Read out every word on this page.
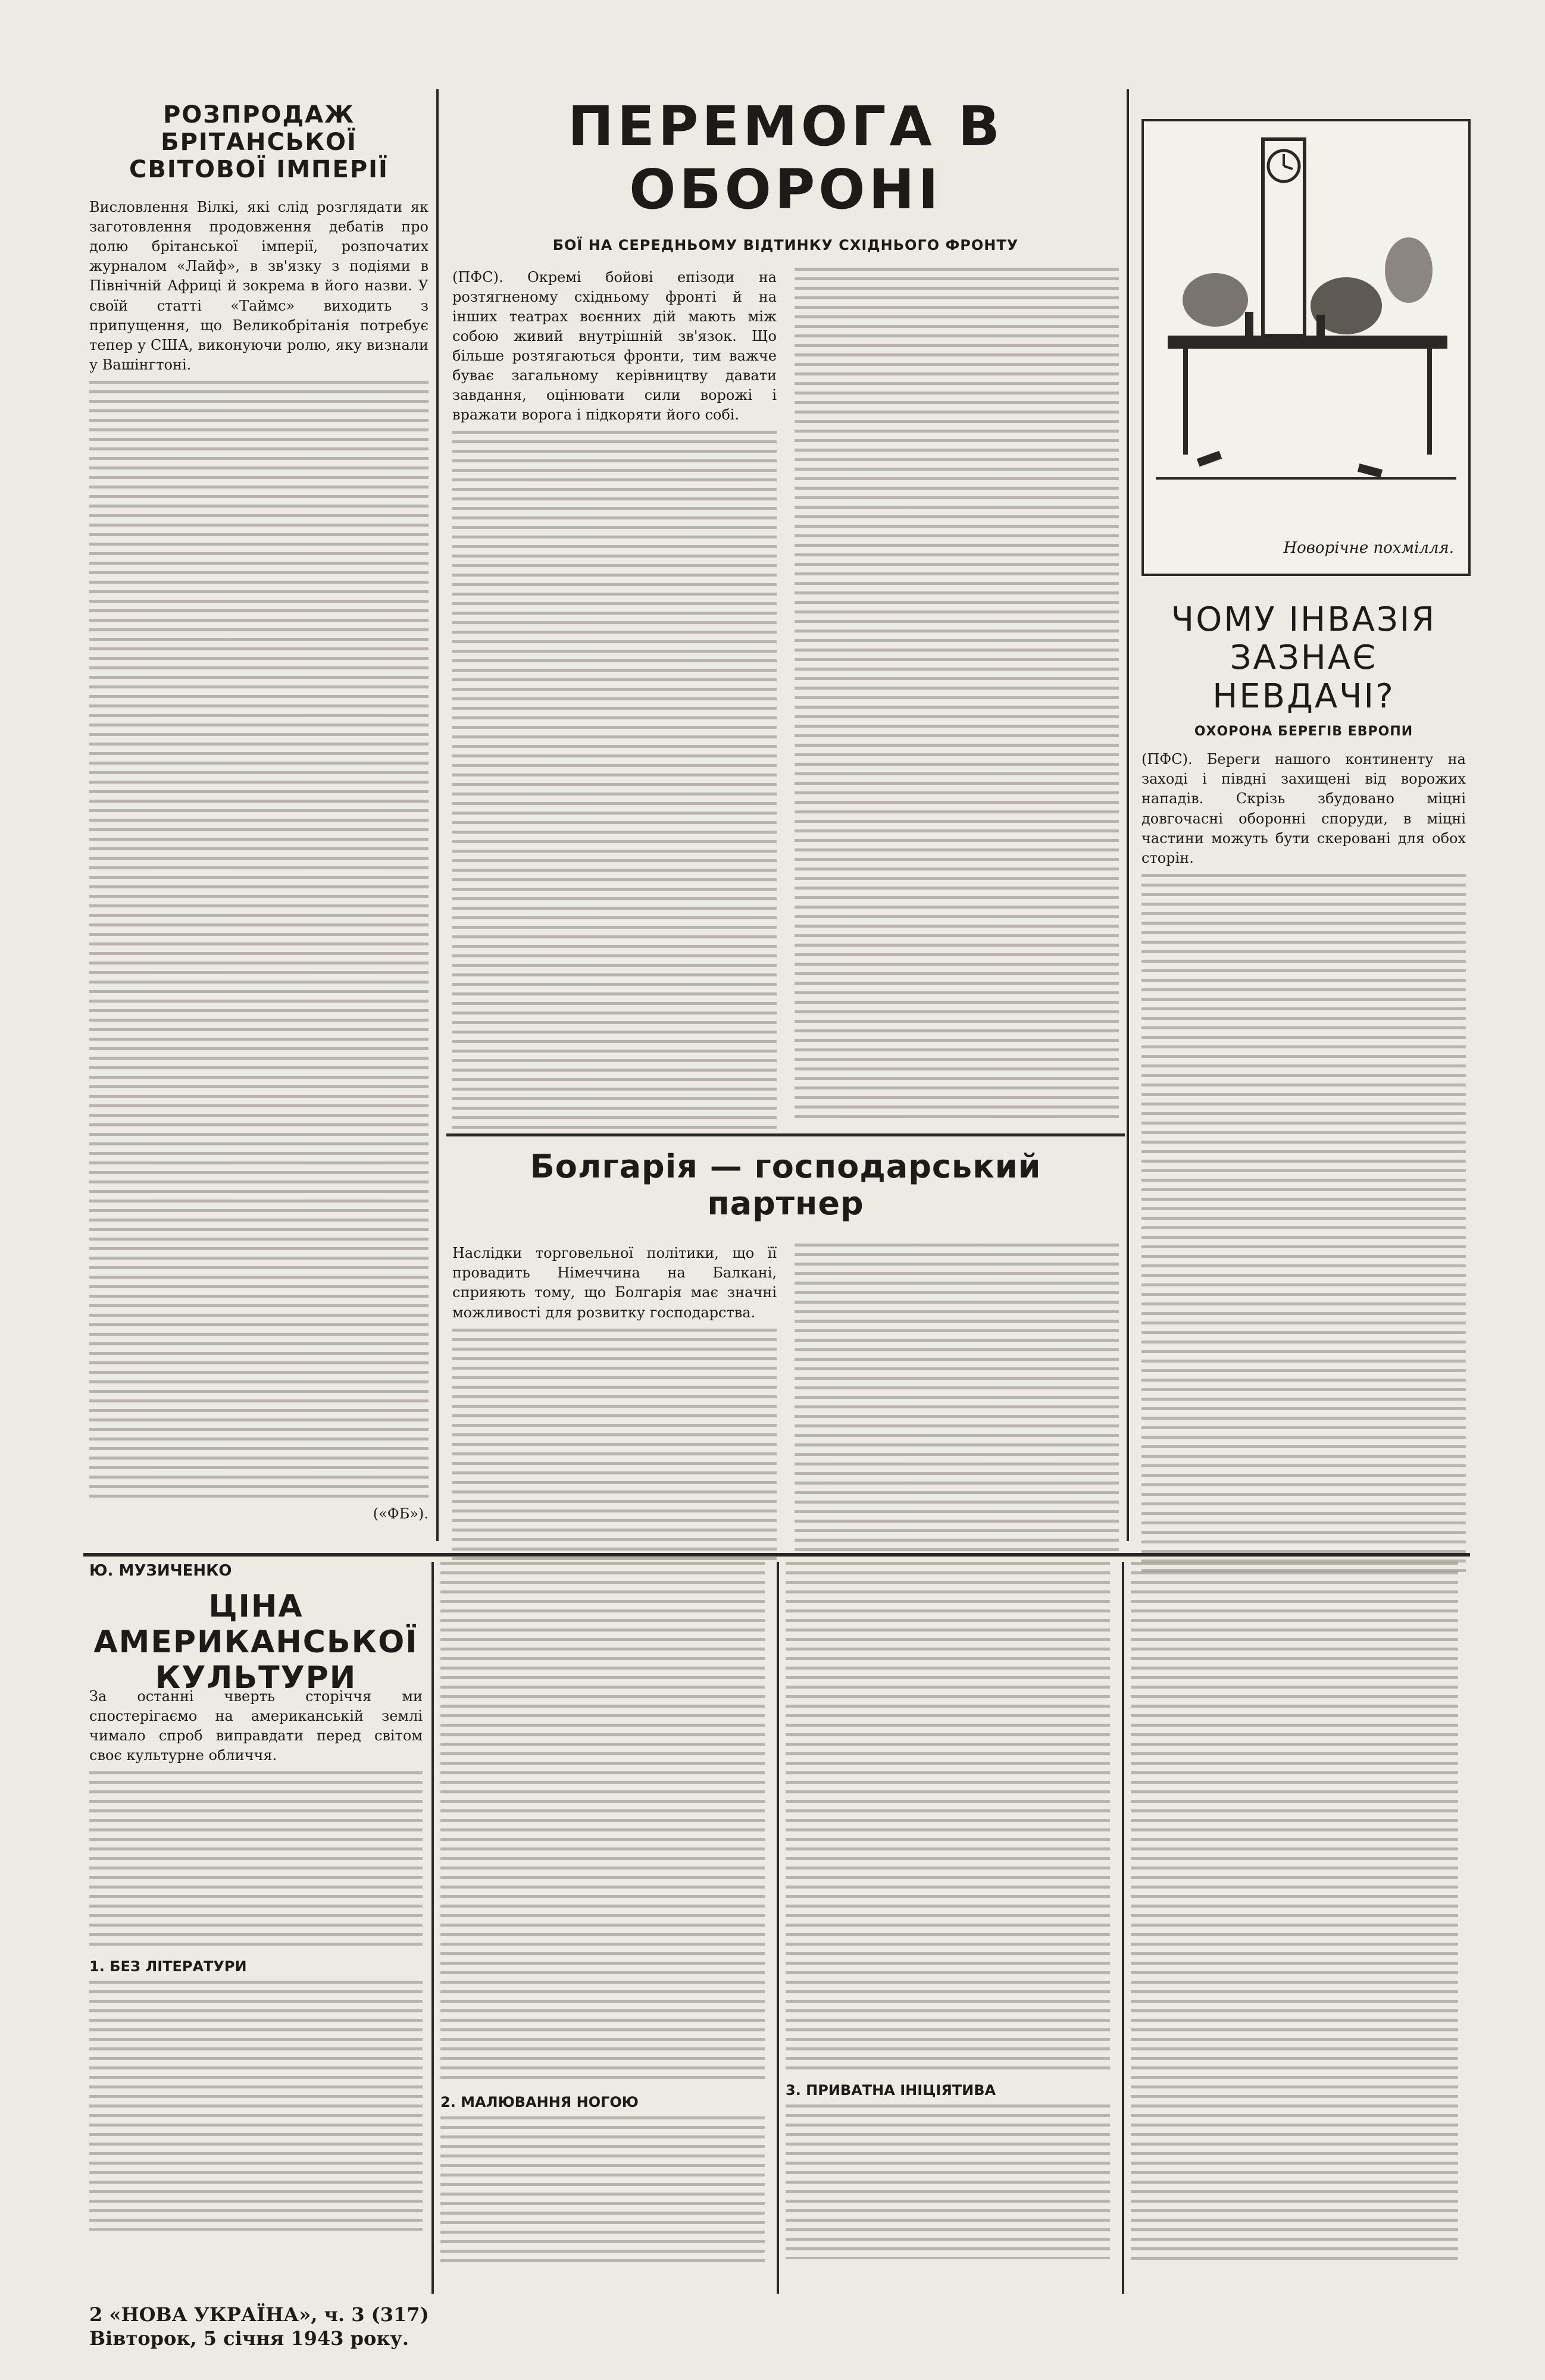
РОЗПРОДАЖ БРІТАНСЬКОЇ СВІТОВОЇ ІМПЕРІЇ

Висловлення Вілкі, які слід розглядати як заготовлення продовження дебатів про долю брітанської імперії, розпочатих журналом «Лайф», в зв'язку з подіями в Північній Африці й зокрема в його назви. У своїй статті «Таймс» виходить з припущення, що Великобрітанія потребує тепер у США, виконуючи ролю, яку визнали у Вашінгтоні.

(«ФБ»).
ПЕРЕМОГА В ОБОРОНІ

БОЇ НА СЕРЕДНЬОМУ ВІДТИНКУ СХІДНЬОГО ФРОНТУ

(ПФС). Окремі бойові епізоди на розтягненому східньому фронті й на інших театрах воєнних дій мають між собою живий внутрішній зв'язок. Що більше розтягаються фронти, тим важче буває загальному керівництву давати завдання, оцінювати сили ворожі і вражати ворога і підкоряти його собі.

Болгарія — господарський партнер

Наслідки торговельної політики, що її провадить Німеччина на Балкані, сприяють тому, що Болгарія має значні можливості для розвитку господарства.

Новорічне похмілля.
ЧОМУ ІНВАЗІЯ ЗАЗНАЄ НЕВДАЧІ?

ОХОРОНА БЕРЕГІВ ЕВРОПИ

(ПФС). Береги нашого континенту на заході і півдні захищені від ворожих нападів. Скрізь збудовано міцні довгочасні оборонні споруди, в міцні частини можуть бути скеровані для обох сторін.

Ю. МУЗИЧЕНКО
ЦІНА АМЕРИКАНСЬКОЇ КУЛЬТУРИ

За останні чверть сторіччя ми спостерігаємо на американській землі чимало спроб виправдати перед світом своє культурне обличчя.

1. БЕЗ ЛІТЕРАТУРИ
2. МАЛЮВАННЯ НОГОЮ
3. ПРИВАТНА ІНІЦІЯТИВА
2 «НОВА УКРАЇНА», ч. 3 (317)
Вівторок, 5 січня 1943 року.
